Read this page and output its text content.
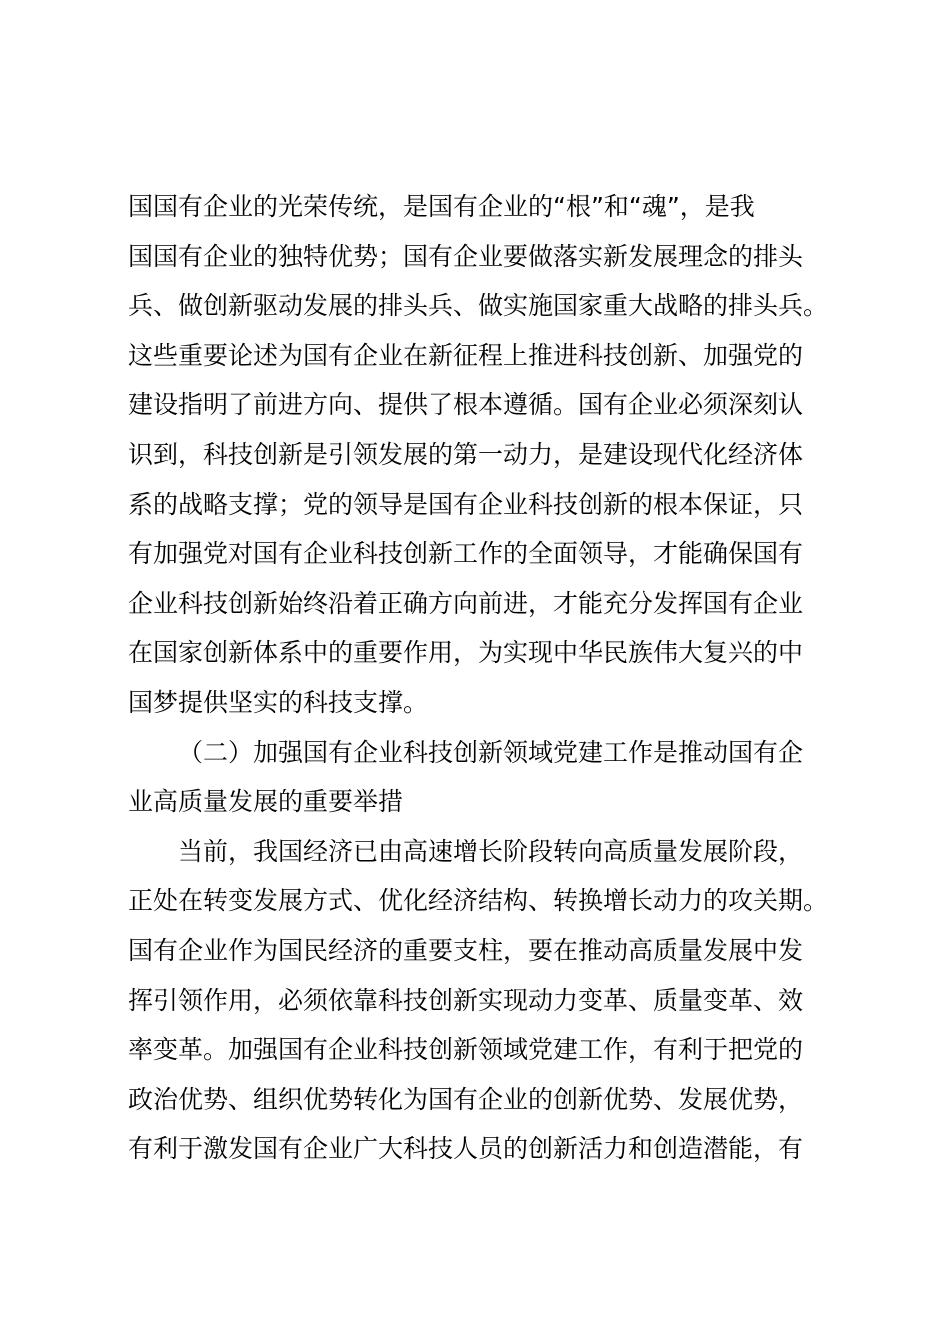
国国有企业的光荣传统，是国有企业的“根”和“魂”，是我

国国有企业的独特优势；国有企业要做落实新发展理念的排头

兵、做创新驱动发展的排头兵、做实施国家重大战略的排头兵。

这些重要论述为国有企业在新征程上推进科技创新、加强党的

建设指明了前进方向、提供了根本遵循。国有企业必须深刻认

识到，科技创新是引领发展的第一动力，是建设现代化经济体

系的战略支撑；党的领导是国有企业科技创新的根本保证，只

有加强党对国有企业科技创新工作的全面领导，才能确保国有

企业科技创新始终沿着正确方向前进，才能充分发挥国有企业

在国家创新体系中的重要作用，为实现中华民族伟大复兴的中

国梦提供坚实的科技支撑。

（二）加强国有企业科技创新领域党建工作是推动国有企

业高质量发展的重要举措

当前，我国经济已由高速增长阶段转向高质量发展阶段，

正处在转变发展方式、优化经济结构、转换增长动力的攻关期。

国有企业作为国民经济的重要支柱，要在推动高质量发展中发

挥引领作用，必须依靠科技创新实现动力变革、质量变革、效

率变革。加强国有企业科技创新领域党建工作，有利于把党的

政治优势、组织优势转化为国有企业的创新优势、发展优势，

有利于激发国有企业广大科技人员的创新活力和创造潜能，有
